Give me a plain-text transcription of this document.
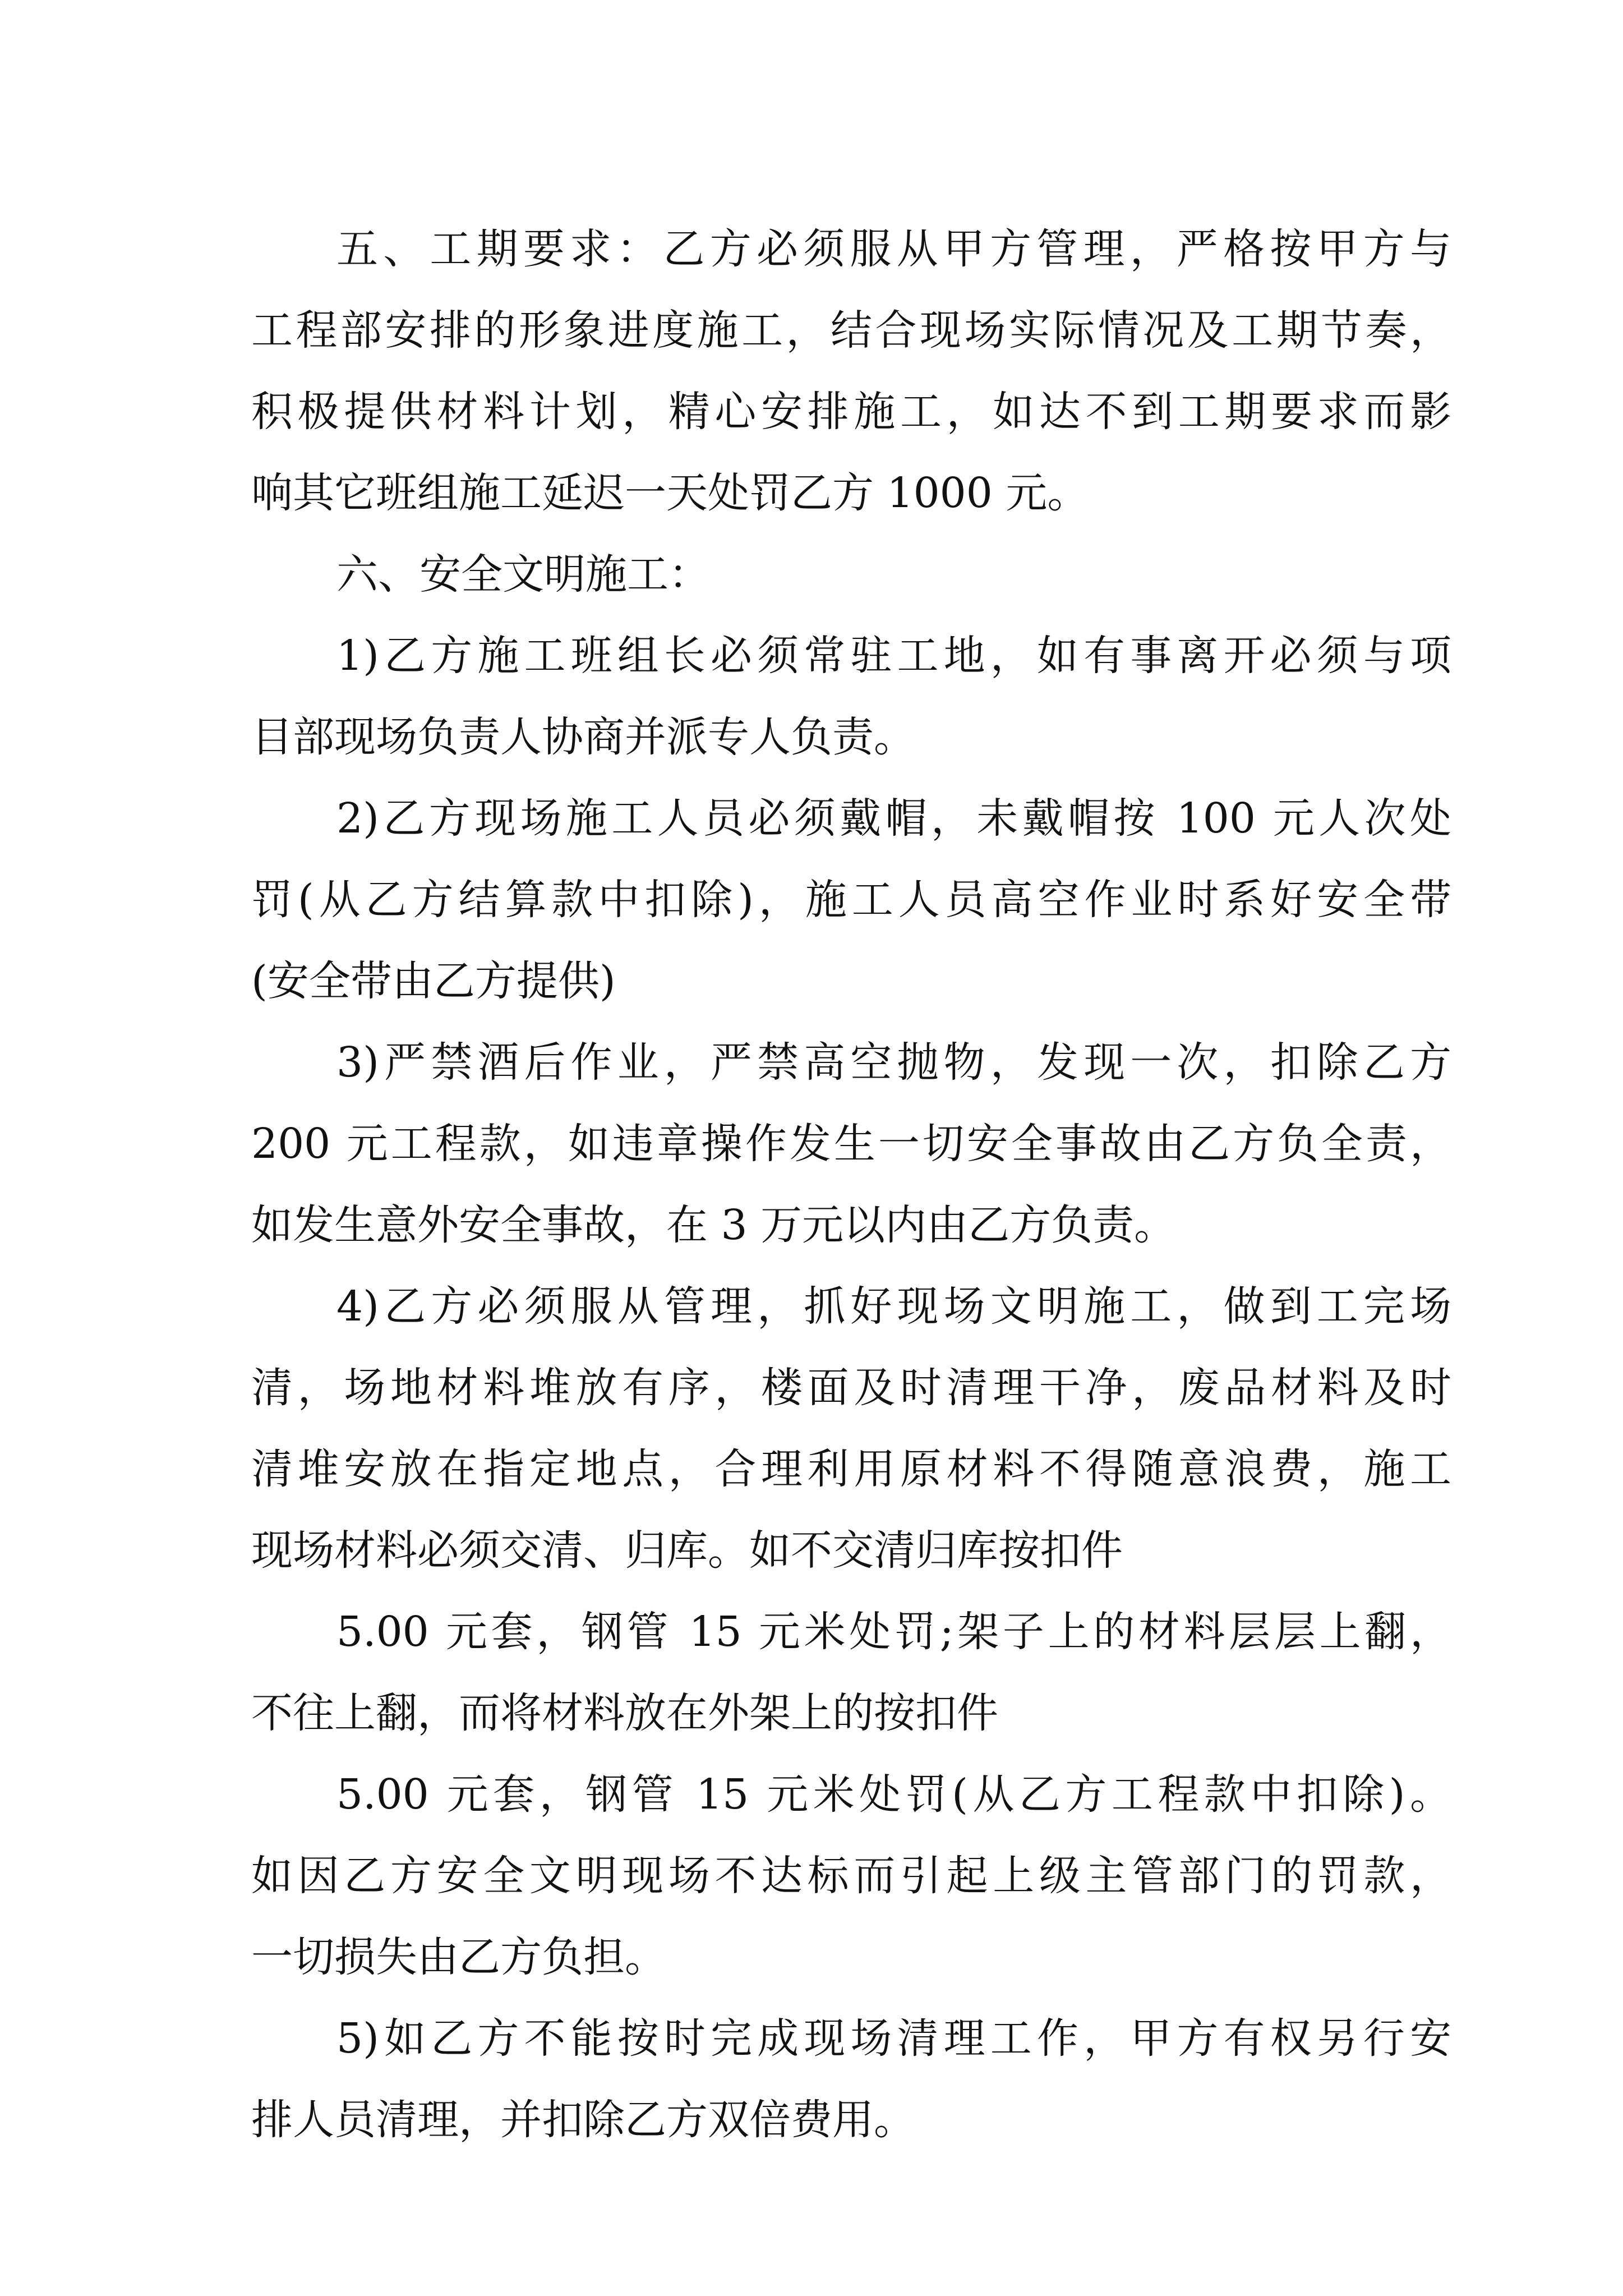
五、工期要求：乙方必须服从甲方管理，严格按甲方与
工程部安排的形象进度施工，结合现场实际情况及工期节奏，
积极提供材料计划，精心安排施工，如达不到工期要求而影
响其它班组施工延迟一天处罚乙方 1000 元。
六、安全文明施工：
1)乙方施工班组长必须常驻工地，如有事离开必须与项
目部现场负责人协商并派专人负责。
2)乙方现场施工人员必须戴帽，未戴帽按 100 元人次处
罚(从乙方结算款中扣除)，施工人员高空作业时系好安全带
(安全带由乙方提供)
3)严禁酒后作业，严禁高空抛物，发现一次，扣除乙方
200 元工程款，如违章操作发生一切安全事故由乙方负全责，
如发生意外安全事故，在 3 万元以内由乙方负责。
4)乙方必须服从管理，抓好现场文明施工，做到工完场
清，场地材料堆放有序，楼面及时清理干净，废品材料及时
清堆安放在指定地点，合理利用原材料不得随意浪费，施工
现场材料必须交清、归库。如不交清归库按扣件
5.00 元套，钢管 15 元米处罚;架子上的材料层层上翻，
不往上翻，而将材料放在外架上的按扣件
5.00 元套，钢管 15 元米处罚(从乙方工程款中扣除)。
如因乙方安全文明现场不达标而引起上级主管部门的罚款，
一切损失由乙方负担。
5)如乙方不能按时完成现场清理工作，甲方有权另行安
排人员清理，并扣除乙方双倍费用。
